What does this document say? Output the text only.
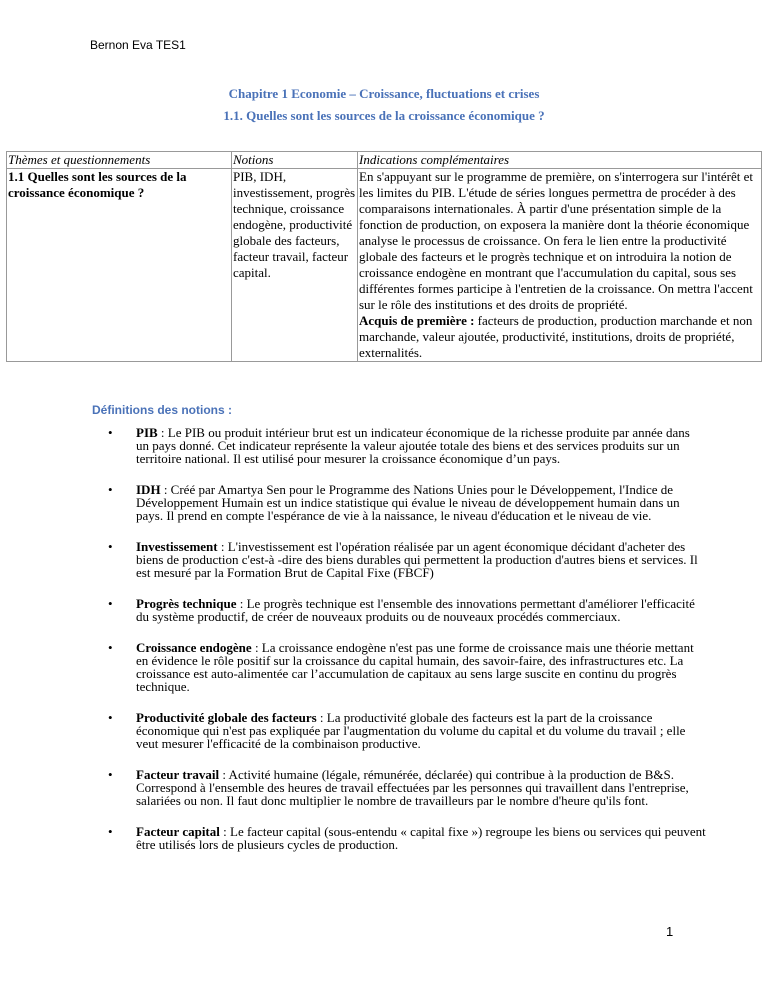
Bernon Eva TES1
Chapitre 1 Economie – Croissance, fluctuations et crises
1.1. Quelles sont les sources de la croissance économique ?
Thèmes et questionnements	Notions	Indications complémentaires
1.1 Quelles sont les sources de la croissance économique ?	PIB, IDH, investissement, progrès technique, croissance endogène, productivité globale des facteurs, facteur travail, facteur capital.	En s'appuyant sur le programme de première, on s'interrogera sur l'intérêt et les limites du PIB. L'étude de séries longues permettra de procéder à des comparaisons internationales. À partir d'une présentation simple de la fonction de production, on exposera la manière dont la théorie économique analyse le processus de croissance. On fera le lien entre la productivité globale des facteurs et le progrès technique et on introduira la notion de croissance endogène en montrant que l'accumulation du capital, sous ses différentes formes participe à l'entretien de la croissance. On mettra l'accent sur le rôle des institutions et des droits de propriété.
Acquis de première : facteurs de production, production marchande et non marchande, valeur ajoutée, productivité, institutions, droits de propriété, externalités.
Définitions des notions :
• PIB : Le PIB ou produit intérieur brut est un indicateur économique de la richesse produite par année dans un pays donné. Cet indicateur représente la valeur ajoutée totale des biens et des services produits sur un territoire national. Il est utilisé pour mesurer la croissance économique d’un pays.
• IDH : Créé par Amartya Sen pour le Programme des Nations Unies pour le Développement, l'Indice de Développement Humain est un indice statistique qui évalue le niveau de développement humain dans un pays. Il prend en compte l'espérance de vie à la naissance, le niveau d'éducation et le niveau de vie.
• Investissement : L'investissement est l'opération réalisée par un agent économique décidant d'acheter des biens de production c'est-à -dire des biens durables qui permettent la production d'autres biens et services. Il est mesuré par la Formation Brut de Capital Fixe (FBCF)
• Progrès technique : Le progrès technique est l'ensemble des innovations permettant d'améliorer l'efficacité du système productif, de créer de nouveaux produits ou de nouveaux procédés commerciaux.
• Croissance endogène : La croissance endogène n'est pas une forme de croissance mais une théorie mettant en évidence le rôle positif sur la croissance du capital humain, des savoir-faire, des infrastructures etc. La croissance est auto-alimentée car l’accumulation de capitaux au sens large suscite en continu du progrès technique.
• Productivité globale des facteurs : La productivité globale des facteurs est la part de la croissance économique qui n'est pas expliquée par l'augmentation du volume du capital et du volume du travail ; elle veut mesurer l'efficacité de la combinaison productive.
• Facteur travail : Activité humaine (légale, rémunérée, déclarée) qui contribue à la production de B&S. Correspond à l'ensemble des heures de travail effectuées par les personnes qui travaillent dans l'entreprise, salariées ou non. Il faut donc multiplier le nombre de travailleurs par le nombre d'heure qu'ils font.
• Facteur capital : Le facteur capital (sous-entendu « capital fixe ») regroupe les biens ou services qui peuvent être utilisés lors de plusieurs cycles de production.
1
